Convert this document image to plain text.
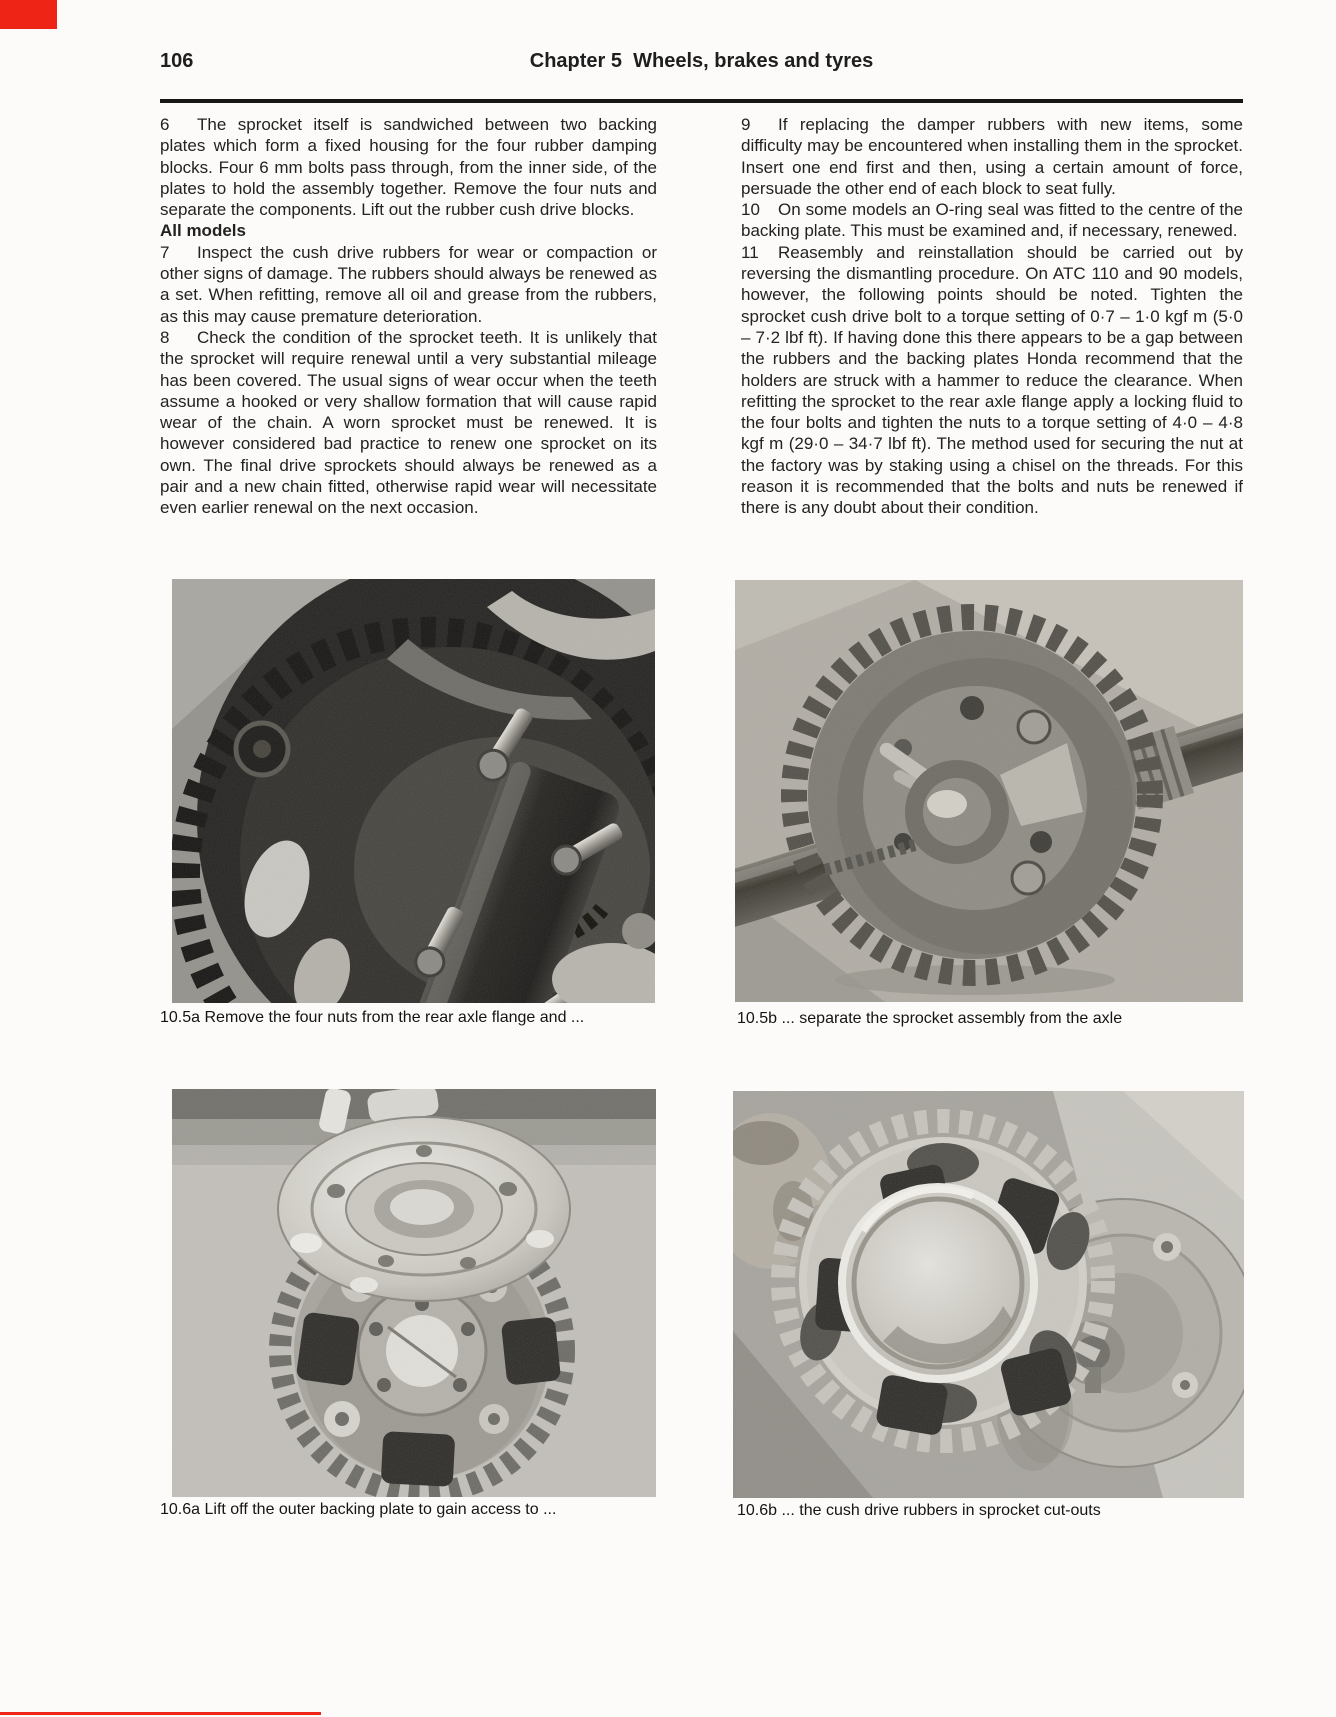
106	Chapter 5  Wheels, brakes and tyres

6 The sprocket itself is sandwiched between two backing plates which form a fixed housing for the four rubber damping blocks. Four 6 mm bolts pass through, from the inner side, of the plates to hold the assembly together. Remove the four nuts and separate the components. Lift out the rubber cush drive blocks.

All models

7 Inspect the cush drive rubbers for wear or compaction or other signs of damage. The rubbers should always be renewed as a set. When refitting, remove all oil and grease from the rubbers, as this may cause premature deterioration.

8 Check the condition of the sprocket teeth. It is unlikely that the sprocket will require renewal until a very substantial mileage has been covered. The usual signs of wear occur when the teeth assume a hooked or very shallow formation that will cause rapid wear of the chain. A worn sprocket must be renewed. It is however considered bad practice to renew one sprocket on its own. The final drive sprockets should always be renewed as a pair and a new chain fitted, otherwise rapid wear will necessitate even earlier renewal on the next occasion.

9 If replacing the damper rubbers with new items, some difficulty may be encountered when installing them in the sprocket. Insert one end first and then, using a certain amount of force, persuade the other end of each block to seat fully.

10 On some models an O-ring seal was fitted to the centre of the backing plate. This must be examined and, if necessary, renewed.

11 Reasembly and reinstallation should be carried out by reversing the dismantling procedure. On ATC 110 and 90 models, however, the following points should be noted. Tighten the sprocket cush drive bolt to a torque setting of 0·7 – 1·0 kgf m (5·0 – 7·2 lbf ft). If having done this there appears to be a gap between the rubbers and the backing plates Honda recommend that the holders are struck with a hammer to reduce the clearance. When refitting the sprocket to the rear axle flange apply a locking fluid to the four bolts and tighten the nuts to a torque setting of 4·0 – 4·8 kgf m (29·0 – 34·7 lbf ft). The method used for securing the nut at the factory was by staking using a chisel on the threads. For this reason it is recommended that the bolts and nuts be renewed if there is any doubt about their condition.

10.5a Remove the four nuts from the rear axle flange and ...	10.5b ... separate the sprocket assembly from the axle
10.6a Lift off the outer backing plate to gain access to ...	10.6b ... the cush drive rubbers in sprocket cut-outs
